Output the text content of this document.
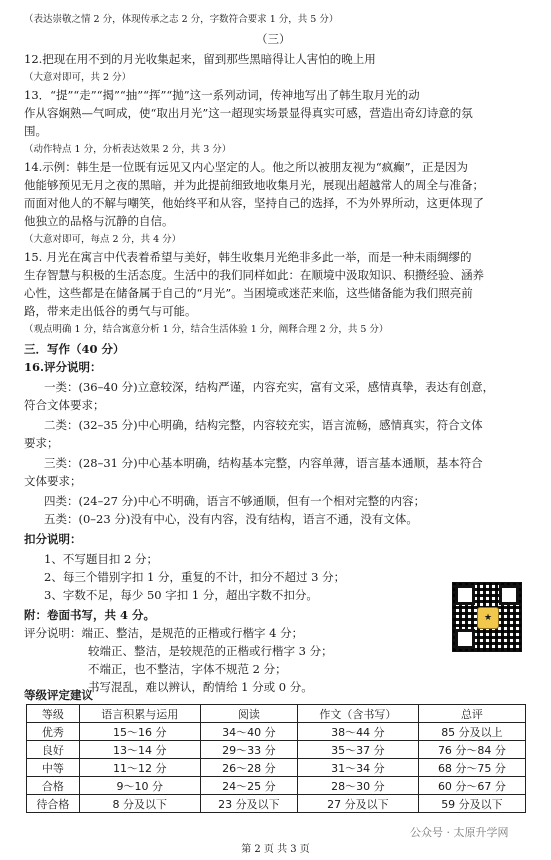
（表达崇敬之情 2 分，体现传承之志 2 分，字数符合要求 1 分，共 5 分）
（三）
12.把现在用不到的月光收集起来，留到那些黑暗得让人害怕的晚上用
（大意对即可，共 2 分）
13．“提”“走”“揭”“抽”“挥”“抛”这一系列动词，传神地写出了韩生取月光的动
作从容娴熟—气呵成，使“取出月光”这一超现实场景显得真实可感，营造出奇幻诗意的氛
围。
（动作特点 1 分，分析表达效果 2 分，共 3 分）
14.示例：韩生是一位既有远见又内心坚定的人。他之所以被朋友视为“疯癫”，正是因为
他能够预见无月之夜的黑暗，并为此提前细致地收集月光，展现出超越常人的周全与准备；
而面对他人的不解与嘲笑，他始终平和从容，坚持自己的选择，不为外界所动，这更体现了
他独立的品格与沉静的自信。
（大意对即可，每点 2 分，共 4 分）
15. 月光在寓言中代表着希望与美好，韩生收集月光绝非多此一举，而是一种未雨绸缪的
生存智慧与积极的生活态度。生活中的我们同样如此：在顺境中汲取知识、积攒经验、涵养
心性，这些都是在储备属于自己的“月光”。当困境或迷茫来临，这些储备能为我们照亮前
路，带来走出低谷的勇气与可能。
（观点明确 1 分，结合寓意分析 1 分，结合生活体验 1 分，阐释合理 2 分，共 5 分）
三．写作（40 分）
16.评分说明：
一类：(36–40 分)立意较深，结构严谨，内容充实，富有文采，感情真挚，表达有创意，
符合文体要求；
二类：(32–35 分)中心明确，结构完整，内容较充实，语言流畅，感情真实，符合文体
要求；
三类：(28–31 分)中心基本明确，结构基本完整，内容单薄，语言基本通顺，基本符合
文体要求；
四类：(24–27 分)中心不明确，语言不够通顺，但有一个相对完整的内容；
五类：(0–23 分)没有中心，没有内容，没有结构，语言不通，没有文体。
扣分说明：
1、不写题目扣 2 分；
2、每三个错别字扣 1 分，重复的不计，扣分不超过 3 分；
3、字数不足，每少 50 字扣 1 分，超出字数不扣分。
附：卷面书写，共 4 分。
评分说明：端正、整洁，是规范的正楷或行楷字 4 分；
较端正、整洁，是较规范的正楷或行楷字 3 分；
不端正，也不整洁，字体不规范 2 分；
书写混乱，难以辨认，酌情给 1 分或 0 分。
等级评定建议
★
等级	语言积累与运用	阅读	作文（含书写）	总评
优秀	15～16 分	34～40 分	38～44 分	85 分及以上
良好	13～14 分	29～33 分	35～37 分	76 分～84 分
中等	11～12 分	26～28 分	31～34 分	68 分～75 分
合格	9～10 分	24～25 分	28～30 分	60 分～67 分
待合格	8 分及以下	23 分及以下	27 分及以下	59 分及以下
公众号 · 太原升学网
第 2 页 共 3 页
